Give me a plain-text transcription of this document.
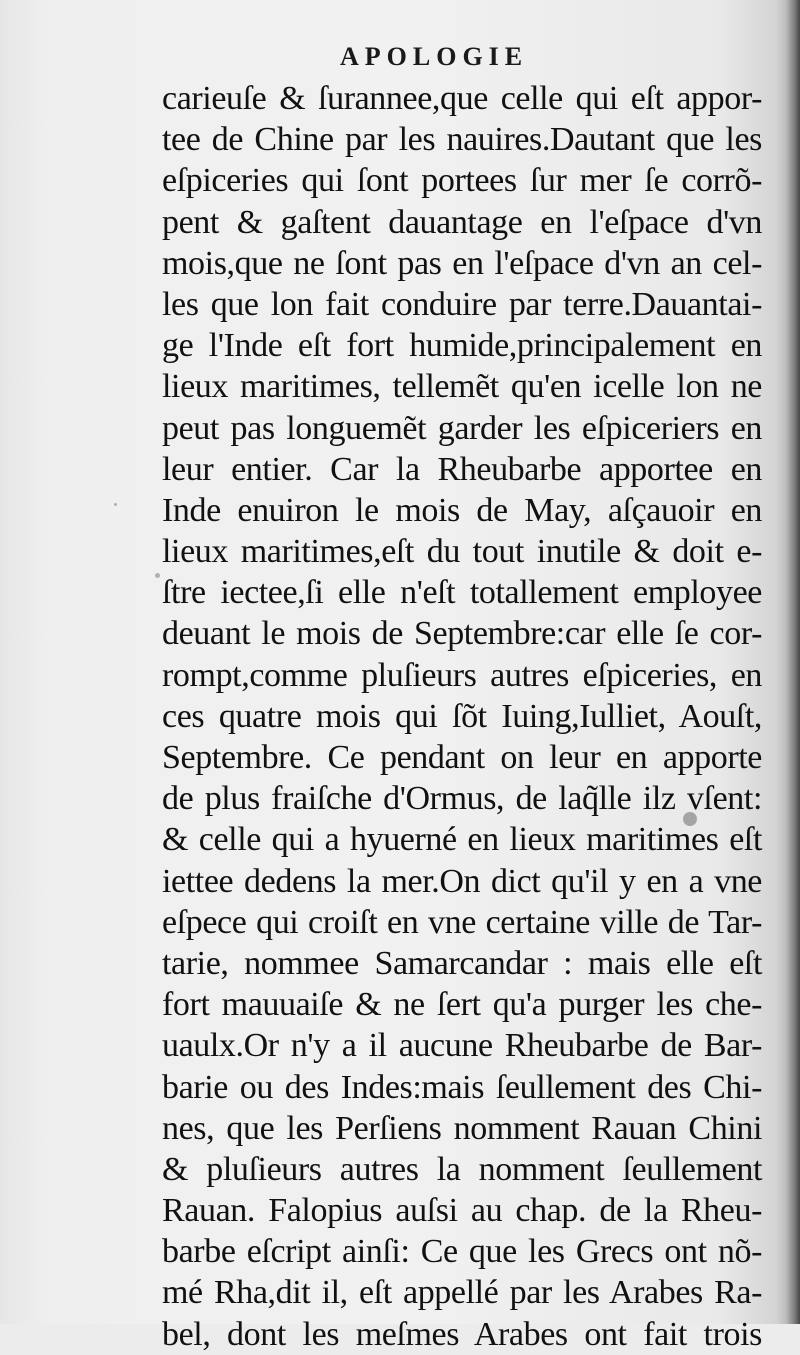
APOLOGIE
carieuſe & ſurannee,que celle qui eſt appor-
tee de Chine par les nauires.Dautant que les
eſpiceries qui ſont portees ſur mer ſe corrõ-
pent & gaſtent dauantage en l'eſpace d'vn
mois,que ne ſont pas en l'eſpace d'vn an cel-
les que lon fait conduire par terre.Dauantai-
ge l'Inde eſt fort humide,principalement en
lieux maritimes, tellemẽt qu'en icelle lon ne
peut pas longuemẽt garder les eſpiceriers en
leur entier. Car la Rheubarbe apportee en
Inde enuiron le mois de May, aſçauoir en
lieux maritimes,eſt du tout inutile & doit e-
ſtre iectee,ſi elle n'eſt totallement employee
deuant le mois de Septembre:car elle ſe cor-
rompt,comme pluſieurs autres eſpiceries, en
ces quatre mois qui ſõt Iuing,Iulliet, Aouſt,
Septembre. Ce pendant on leur en apporte
de plus fraiſche d'Ormus, de laq̃lle ilz vſent:
& celle qui a hyuerné en lieux maritimes eſt
iettee dedens la mer.On dict qu'il y en a vne
eſpece qui croiſt en vne certaine ville de Tar-
tarie, nommee Samarcandar : mais elle eſt
fort mauuaiſe & ne ſert qu'a purger les che-
uaulx.Or n'y a il aucune Rheubarbe de Bar-
barie ou des Indes:mais ſeullement des Chi-
nes, que les Perſiens nomment Rauan Chini
& pluſieurs autres la nomment ſeullement
Rauan. Falopius auſsi au chap. de la Rheu-
barbe eſcript ainſi: Ce que les Grecs ont nõ-
mé Rha,dit il, eſt appellé par les Arabes Ra-
bel, dont les meſmes Arabes ont fait trois
